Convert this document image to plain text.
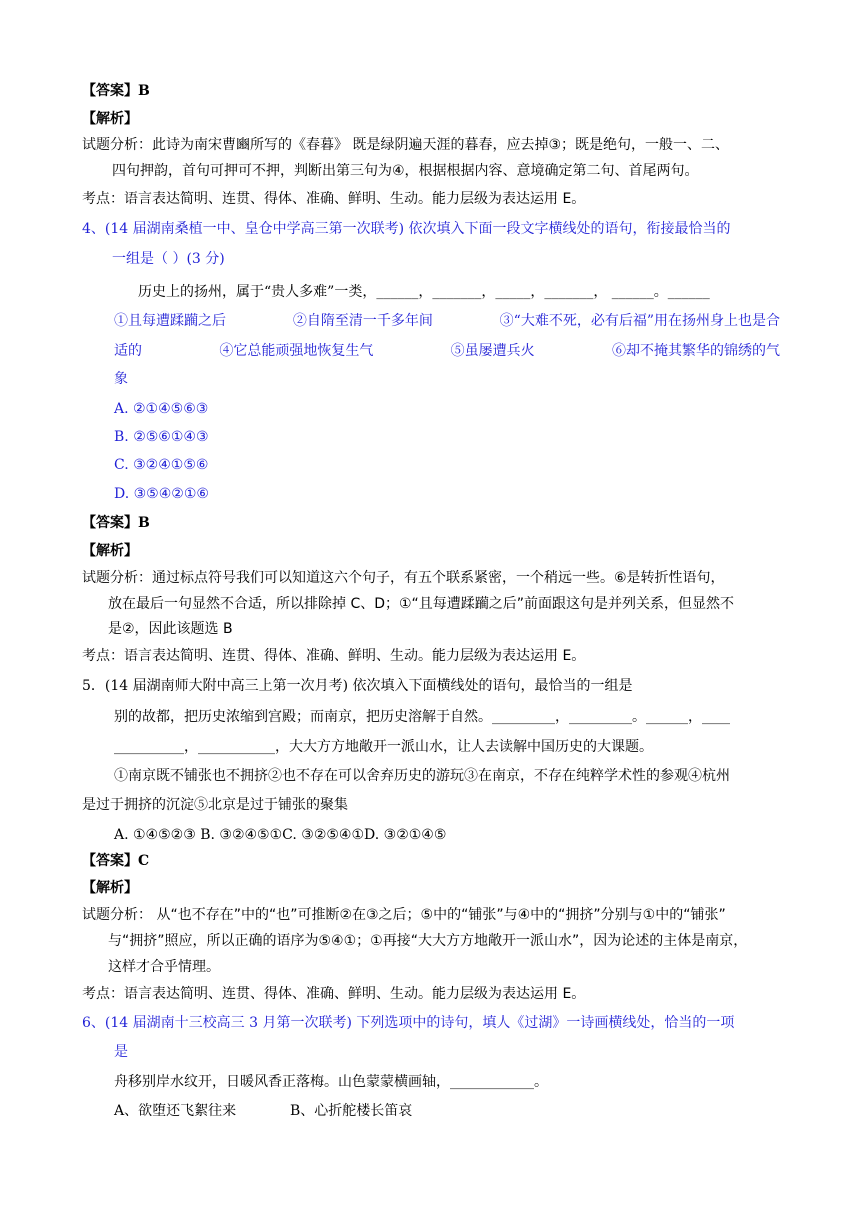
【答案】B
【解析】
试题分析：此诗为南宋曹豳所写的《春暮》 既是绿阴遍天涯的暮春，应去掉③；既是绝句，一般一、二、
四句押韵，首句可押可不押，判断出第三句为④，根据根据内容、意境确定第二句、首尾两句。
考点：语言表达简明、连贯、得体、准确、鲜明、生动。能力层级为表达运用 E。
4、(14 届湖南桑植一中、皇仓中学高三第一次联考) 依次填入下面一段文字横线处的语句，衔接最恰当的
一组是（ ）(3 分)
历史上的扬州，属于“贵人多难”一类，______，_______，_____，_______， ______。______
①且每遭蹂躏之后	②自隋至清一千多年间	③“大难不死，必有后福”用在扬州身上也是合
适的	④它总能顽强地恢复生气	⑤虽屡遭兵火	⑥却不掩其繁华的锦绣的气
象
A. ②①④⑤⑥③
B. ②⑤⑥①④③
C. ③②④①⑤⑥
D. ③⑤④②①⑥
【答案】B
【解析】
试题分析：通过标点符号我们可以知道这六个句子，有五个联系紧密，一个稍远一些。⑥是转折性语句，
放在最后一句显然不合适，所以排除掉 C、D；①“且每遭蹂躏之后”前面跟这句是并列关系，但显然不
是②，因此该题选 B
考点：语言表达简明、连贯、得体、准确、鲜明、生动。能力层级为表达运用 E。
5．(14 届湖南师大附中高三上第一次月考) 依次填入下面横线处的语句，最恰当的一组是
别的故都，把历史浓缩到宫殿；而南京，把历史溶解于自然。_________，_________。______，____
__________，___________，大大方方地敞开一派山水，让人去读解中国历史的大课题。
①南京既不铺张也不拥挤②也不存在可以舍弃历史的游玩③在南京，不存在纯粹学术性的参观④杭州
是过于拥挤的沉淀⑤北京是过于铺张的聚集
A. ①④⑤②③ B. ③②④⑤①C. ③②⑤④①D. ③②①④⑤
【答案】C
【解析】
试题分析： 从“也不存在”中的“也”可推断②在③之后；⑤中的“铺张”与④中的“拥挤”分别与①中的“铺张”
与“拥挤”照应，所以正确的语序为⑤④①；①再接“大大方方地敞开一派山水”，因为论述的主体是南京，
这样才合乎情理。
考点：语言表达简明、连贯、得体、准确、鲜明、生动。能力层级为表达运用 E。
6、(14 届湖南十三校高三 3 月第一次联考) 下列选项中的诗句，填人《过湖》一诗画横线处，恰当的一项
是
舟移别岸水纹开，日暖风香正落梅。山色蒙蒙横画轴，____________。
A、欲堕还飞絮往来	B、心折舵楼长笛哀
